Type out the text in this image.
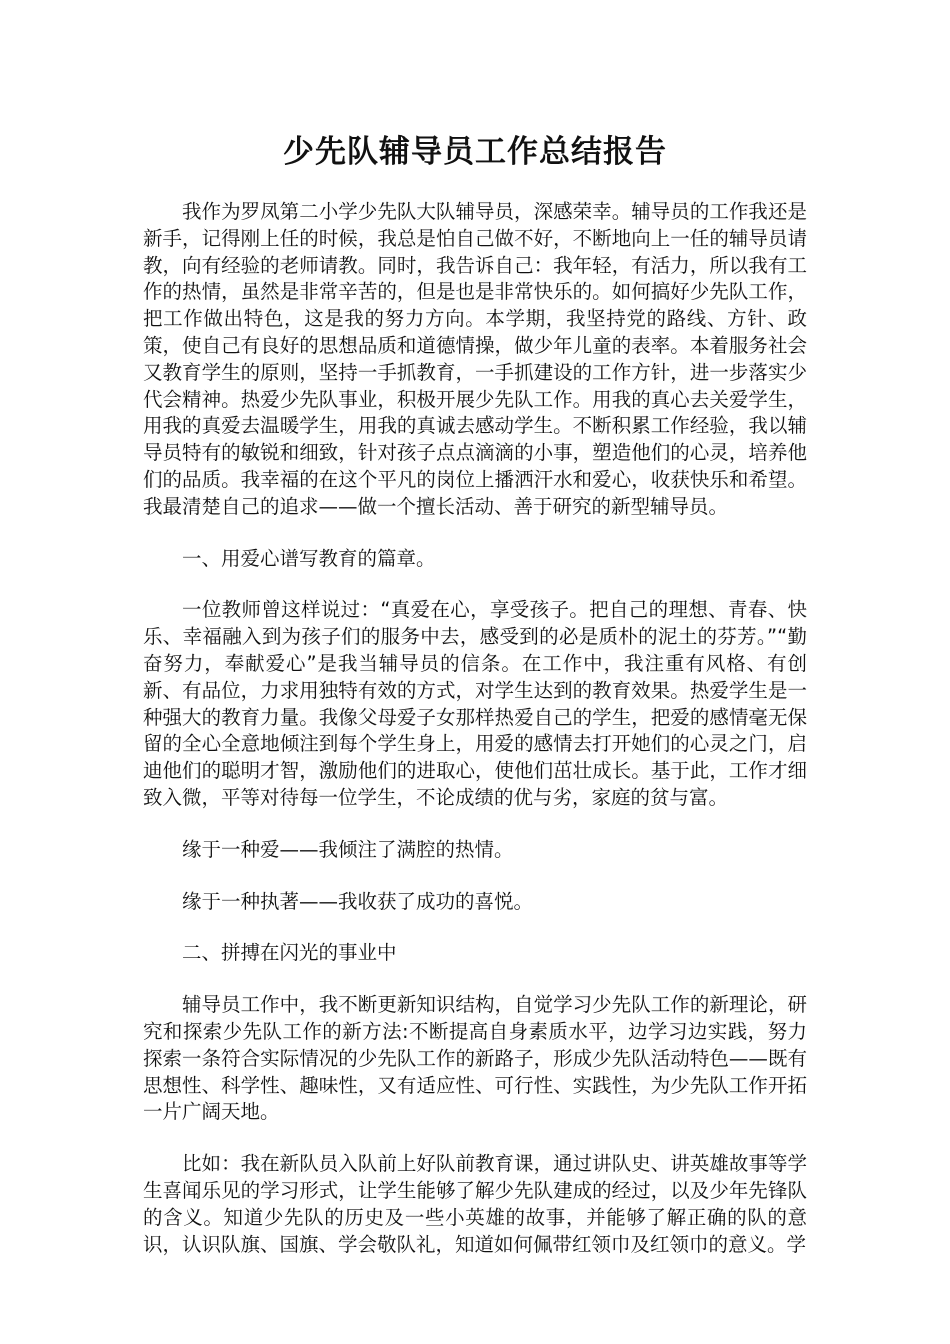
少先队辅导员工作总结报告

我作为罗凤第二小学少先队大队辅导员，深感荣幸。辅导员的工作我还是新手，记得刚上任的时候，我总是怕自己做不好，不断地向上一任的辅导员请教，向有经验的老师请教。同时，我告诉自己：我年轻，有活力，所以我有工作的热情，虽然是非常辛苦的，但是也是非常快乐的。如何搞好少先队工作，把工作做出特色，这是我的努力方向。本学期，我坚持党的路线、方针、政策，使自己有良好的思想品质和道德情操，做少年儿童的表率。本着服务社会又教育学生的原则，坚持一手抓教育，一手抓建设的工作方针，进一步落实少代会精神。热爱少先队事业，积极开展少先队工作。用我的真心去关爱学生，用我的真爱去温暖学生，用我的真诚去感动学生。不断积累工作经验，我以辅导员特有的敏锐和细致，针对孩子点点滴滴的小事，塑造他们的心灵，培养他们的品质。我幸福的在这个平凡的岗位上播洒汗水和爱心，收获快乐和希望。我最清楚自己的追求——做一个擅长活动、善于研究的新型辅导员。

一、用爱心谱写教育的篇章。

一位教师曾这样说过：“真爱在心，享受孩子。把自己的理想、青春、快乐、幸福融入到为孩子们的服务中去，感受到的必是质朴的泥土的芬芳。”“勤奋努力，奉献爱心”是我当辅导员的信条。在工作中，我注重有风格、有创新、有品位，力求用独特有效的方式，对学生达到的教育效果。热爱学生是一种强大的教育力量。我像父母爱子女那样热爱自己的学生，把爱的感情毫无保留的全心全意地倾注到每个学生身上，用爱的感情去打开她们的心灵之门，启迪他们的聪明才智，激励他们的进取心，使他们茁壮成长。基于此，工作才细致入微，平等对待每一位学生，不论成绩的优与劣，家庭的贫与富。

缘于一种爱——我倾注了满腔的热情。

缘于一种执著——我收获了成功的喜悦。

二、拼搏在闪光的事业中

辅导员工作中，我不断更新知识结构，自觉学习少先队工作的新理论，研究和探索少先队工作的新方法:不断提高自身素质水平，边学习边实践，努力探索一条符合实际情况的少先队工作的新路子，形成少先队活动特色——既有思想性、科学性、趣味性，又有适应性、可行性、实践性，为少先队工作开拓一片广阔天地。

比如：我在新队员入队前上好队前教育课，通过讲队史、讲英雄故事等学生喜闻乐见的学习形式，让学生能够了解少先队建成的经过，以及少年先锋队的含义。知道少先队的历史及一些小英雄的故事，并能够了解正确的队的意识，认识队旗、国旗、学会敬队礼，知道如何佩带红领巾及红领巾的意义。学
